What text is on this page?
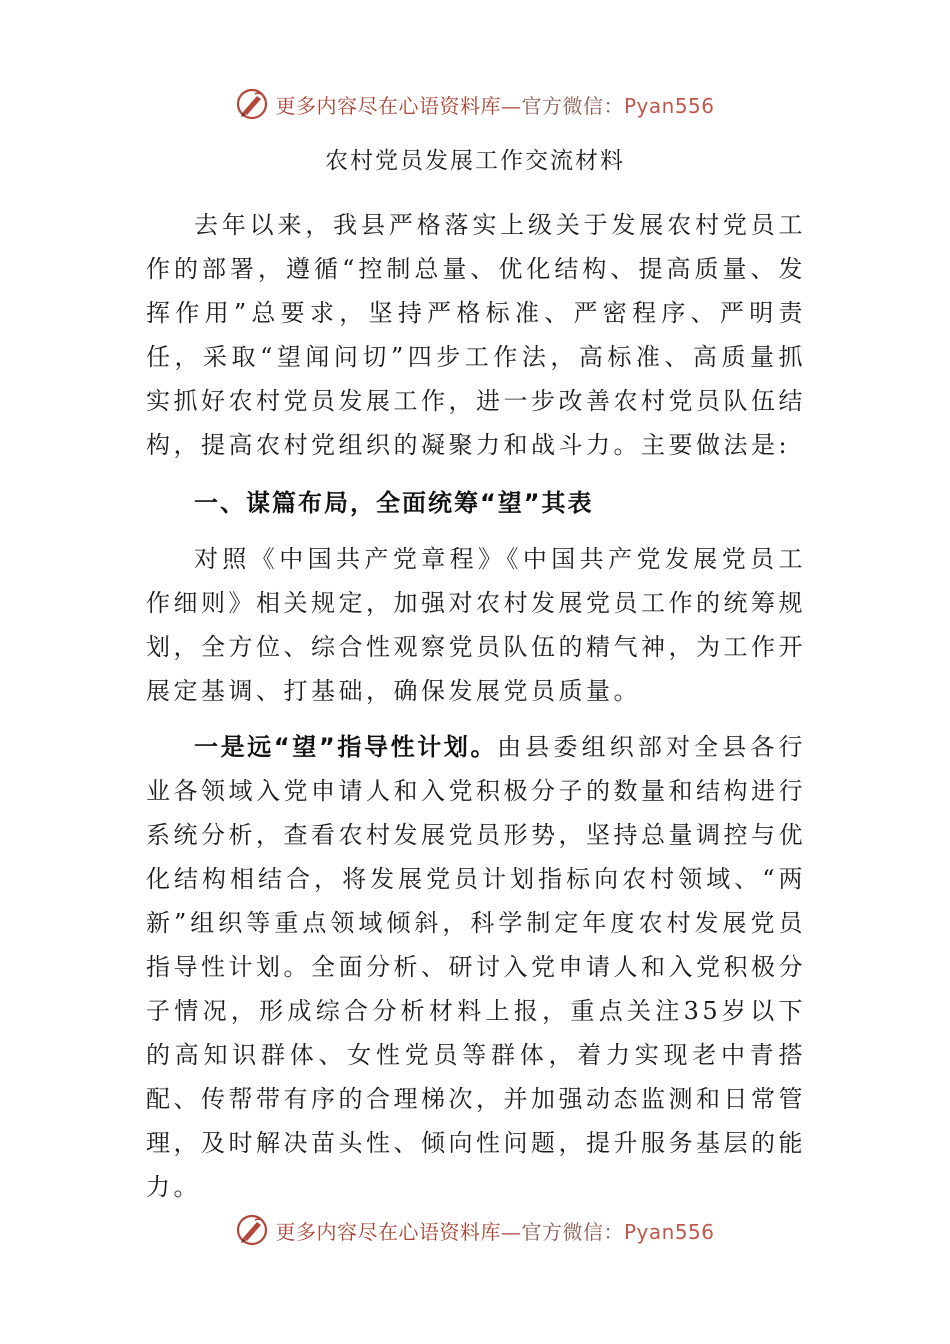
更多内容尽在心语资料库—官方微信：Pyan556
农村党员发展工作交流材料

去年以来，我县严格落实上级关于发展农村党员工作的部署，遵循“控制总量、优化结构、提高质量、发挥作用”总要求，坚持严格标准、严密程序、严明责任，采取“望闻问切”四步工作法，高标准、高质量抓实抓好农村党员发展工作，进一步改善农村党员队伍结构，提高农村党组织的凝聚力和战斗力。主要做法是:

一、谋篇布局，全面统筹“望”其表

对照《中国共产党章程》《中国共产党发展党员工作细则》相关规定，加强对农村发展党员工作的统筹规划，全方位、综合性观察党员队伍的精气神，为工作开展定基调、打基础，确保发展党员质量。

一是远“望”指导性计划。由县委组织部对全县各行业各领域入党申请人和入党积极分子的数量和结构进行系统分析，查看农村发展党员形势，坚持总量调控与优化结构相结合，将发展党员计划指标向农村领域、“两新”组织等重点领域倾斜，科学制定年度农村发展党员指导性计划。全面分析、研讨入党申请人和入党积极分子情况，形成综合分析材料上报，重点关注35岁以下的高知识群体、女性党员等群体，着力实现老中青搭配、传帮带有序的合理梯次，并加强动态监测和日常管理，及时解决苗头性、倾向性问题，提升服务基层的能力。

更多内容尽在心语资料库—官方微信：Pyan556
